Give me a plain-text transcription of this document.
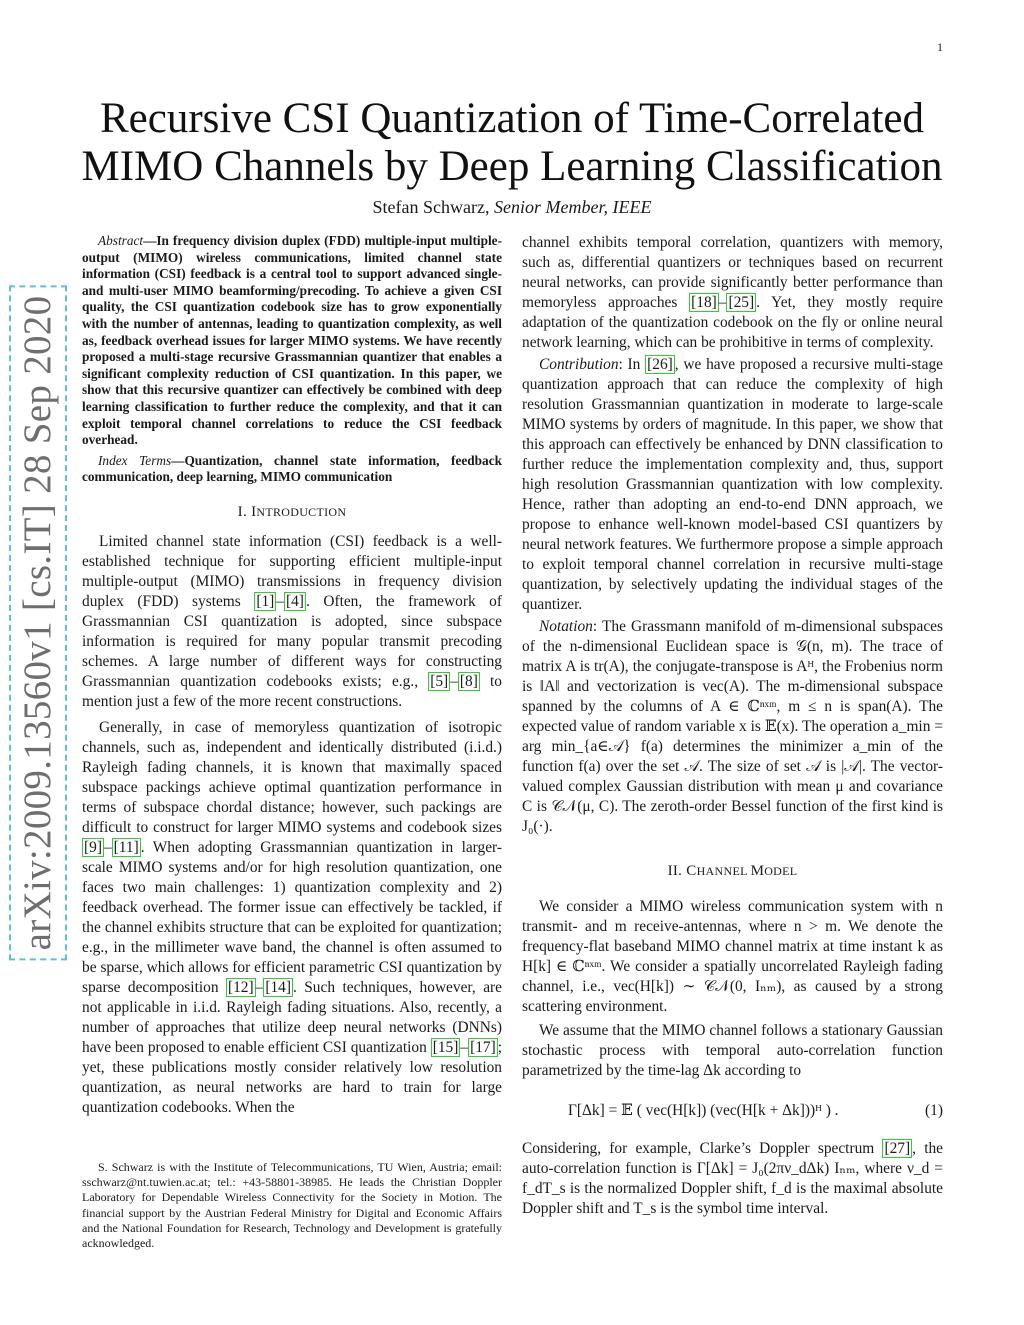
1
arXiv:2009.13560v1 [cs.IT] 28 Sep 2020
Recursive CSI Quantization of Time-Correlated
MIMO Channels by Deep Learning Classification
Stefan Schwarz, Senior Member, IEEE

Abstract—In frequency division duplex (FDD) multiple-input multiple-output (MIMO) wireless communications, limited channel state information (CSI) feedback is a central tool to support advanced single- and multi-user MIMO beamforming/precoding. To achieve a given CSI quality, the CSI quantization codebook size has to grow exponentially with the number of antennas, leading to quantization complexity, as well as, feedback overhead issues for larger MIMO systems. We have recently proposed a multi-stage recursive Grassmannian quantizer that enables a significant complexity reduction of CSI quantization. In this paper, we show that this recursive quantizer can effectively be combined with deep learning classification to further reduce the complexity, and that it can exploit temporal channel correlations to reduce the CSI feedback overhead.

Index Terms—Quantization, channel state information, feedback communication, deep learning, MIMO communication

I. INTRODUCTION

Limited channel state information (CSI) feedback is a well-established technique for supporting efficient multiple-input multiple-output (MIMO) transmissions in frequency division duplex (FDD) systems [1] – [4] . Often, the framework of Grassmannian CSI quantization is adopted, since subspace information is required for many popular transmit precoding schemes. A large number of different ways for constructing Grassmannian quantization codebooks exists; e.g., [5] – [8] to mention just a few of the more recent constructions.

Generally, in case of memoryless quantization of isotropic channels, such as, independent and identically distributed (i.i.d.) Rayleigh fading channels, it is known that maximally spaced subspace packings achieve optimal quantization performance in terms of subspace chordal distance; however, such packings are difficult to construct for larger MIMO systems and codebook sizes [9] – [11] . When adopting Grassmannian quantization in larger-scale MIMO systems and/or for high resolution quantization, one faces two main challenges: 1) quantization complexity and 2) feedback overhead. The former issue can effectively be tackled, if the channel exhibits structure that can be exploited for quantization; e.g., in the millimeter wave band, the channel is often assumed to be sparse, which allows for efficient parametric CSI quantization by sparse decomposition [12] – [14] . Such techniques, however, are not applicable in i.i.d. Rayleigh fading situations. Also, recently, a number of approaches that utilize deep neural networks (DNNs) have been proposed to enable efficient CSI quantization [15] – [17] ; yet, these publications mostly consider relatively low resolution quantization, as neural networks are hard to train for large quantization codebooks. When the

S. Schwarz is with the Institute of Telecommunications, TU Wien, Austria; email: sschwarz@nt.tuwien.ac.at; tel.: +43-58801-38985. He leads the Christian Doppler Laboratory for Dependable Wireless Connectivity for the Society in Motion. The financial support by the Austrian Federal Ministry for Digital and Economic Affairs and the National Foundation for Research, Technology and Development is gratefully acknowledged.

channel exhibits temporal correlation, quantizers with memory, such as, differential quantizers or techniques based on recurrent neural networks, can provide significantly better performance than memoryless approaches [18] – [25] . Yet, they mostly require adaptation of the quantization codebook on the fly or online neural network learning, which can be prohibitive in terms of complexity.

Contribution: In [26] , we have proposed a recursive multi-stage quantization approach that can reduce the complexity of high resolution Grassmannian quantization in moderate to large-scale MIMO systems by orders of magnitude. In this paper, we show that this approach can effectively be enhanced by DNN classification to further reduce the implementation complexity and, thus, support high resolution Grassmannian quantization with low complexity. Hence, rather than adopting an end-to-end DNN approach, we propose to enhance well-known model-based CSI quantizers by neural network features. We furthermore propose a simple approach to exploit temporal channel correlation in recursive multi-stage quantization, by selectively updating the individual stages of the quantizer.

Notation: The Grassmann manifold of m-dimensional subspaces of the n-dimensional Euclidean space is 𝒢(n, m). The trace of matrix A is tr(A), the conjugate-transpose is Aᴴ, the Frobenius norm is ‖A‖ and vectorization is vec(A). The m-dimensional subspace spanned by the columns of A ∈ ℂⁿˣᵐ, m ≤ n is span(A). The expected value of random variable x is 𝔼(x). The operation a_min = arg min_{a∈𝒜} f(a) determines the minimizer a_min of the function f(a) over the set 𝒜. The size of set 𝒜 is |𝒜|. The vector-valued complex Gaussian distribution with mean μ and covariance C is 𝒞𝒩(μ, C). The zeroth-order Bessel function of the first kind is J₀(·).

II. CHANNEL MODEL

We consider a MIMO wireless communication system with n transmit- and m receive-antennas, where n > m. We denote the frequency-flat baseband MIMO channel matrix at time instant k as H[k] ∈ ℂⁿˣᵐ. We consider a spatially uncorrelated Rayleigh fading channel, i.e., vec(H[k]) ∼ 𝒞𝒩(0, Iₙₘ), as caused by a strong scattering environment.

We assume that the MIMO channel follows a stationary Gaussian stochastic process with temporal auto-correlation function parametrized by the time-lag Δk according to

Γ[Δk] = 𝔼 ( vec(H[k]) (vec(H[k + Δk]))ᴴ ) .	(1)

Considering, for example, Clarke’s Doppler spectrum [27] , the auto-correlation function is Γ[Δk] = J₀(2πν_dΔk) Iₙₘ, where ν_d = f_dT_s is the normalized Doppler shift, f_d is the maximal absolute Doppler shift and T_s is the symbol time interval.
